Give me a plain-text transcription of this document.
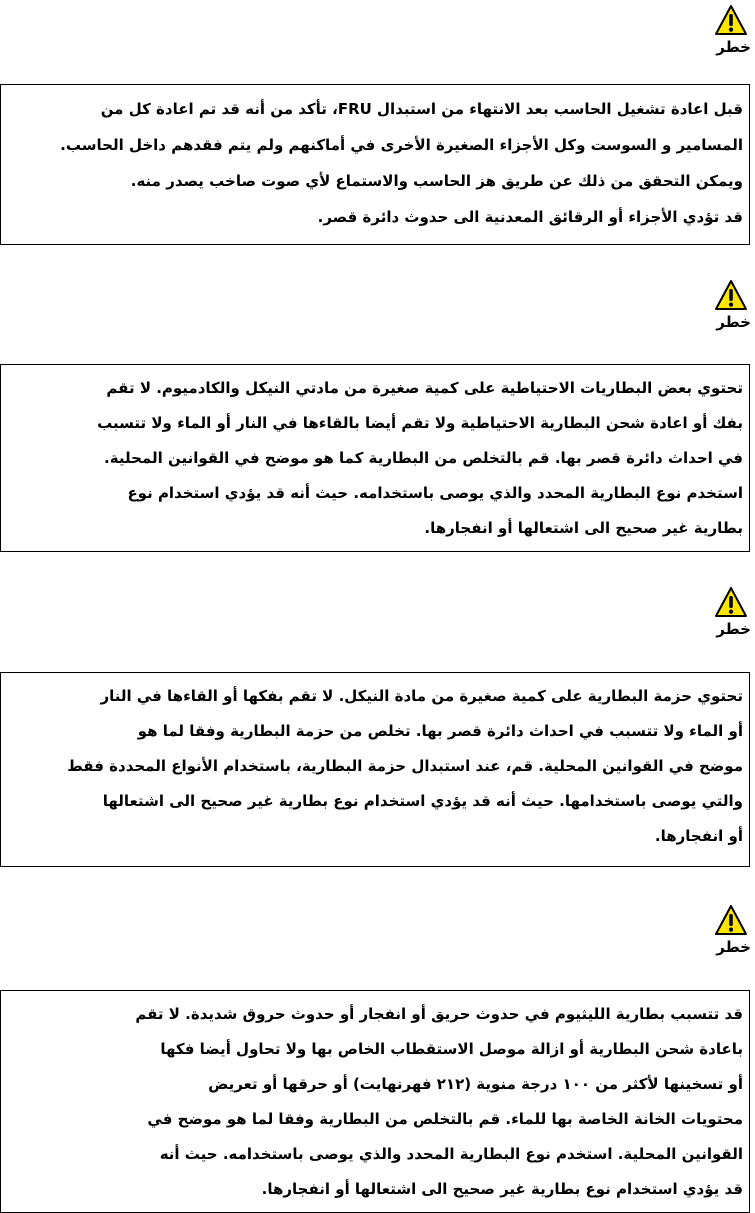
خطر

قبل اعادة تشغيل الحاسب بعد الانتهاء من استبدال FRU، تأكد من أنه قد تم اعادة كل من

المسامير و السوست وكل الأجزاء الصغيرة الأخرى في أماكنهم ولم يتم فقدهم داخل الحاسب.

ويمكن التحقق من ذلك عن طريق هز الحاسب والاستماع لأي صوت صاخب يصدر منه.

قد تؤدي الأجزاء أو الرقائق المعدنية الى حدوث دائرة قصر.

خطر

تحتوي بعض البطاريات الاحتياطية على كمية صغيرة من مادتي النيكل والكادميوم. لا تقم

بفك أو اعادة شحن البطارية الاحتياطية ولا تقم أيضا بالقاءها في النار أو الماء ولا تتسبب

في احداث دائرة قصر بها. قم بالتخلص من البطارية كما هو موضح في القوانين المحلية.

استخدم نوع البطارية المحدد والذي يوصى باستخدامه. حيث أنه قد يؤدي استخدام نوع

بطارية غير صحيح الى اشتعالها أو انفجارها.

خطر

تحتوي حزمة البطارية على كمية صغيرة من مادة النيكل. لا تقم بفكها أو القاءها في النار

أو الماء ولا تتسبب في احداث دائرة قصر بها. تخلص من حزمة البطارية وفقا لما هو

موضح في القوانين المحلية. قم، عند استبدال حزمة البطارية، باستخدام الأنواع المحددة فقط

والتي يوصى باستخدامها. حيث أنه قد يؤدي استخدام نوع بطارية غير صحيح الى اشتعالها

أو انفجارها.

خطر

قد تتسبب بطارية الليثيوم في حدوث حريق أو انفجار أو حدوث حروق شديدة. لا تقم

باعادة شحن البطارية أو ازالة موصل الاستقطاب الخاص بها ولا تحاول أيضا فكها

أو تسخينها لأكثر من ١٠٠ درجة منوية (٢١٢ فهرنهايت) أو حرقها أو تعريض

محتويات الخانة الخاصة بها للماء. قم بالتخلص من البطارية وفقا لما هو موضح في

القوانين المحلية. استخدم نوع البطارية المحدد والذي يوصى باستخدامه. حيث أنه

قد يؤدي استخدام نوع بطارية غير صحيح الى اشتعالها أو انفجارها.
